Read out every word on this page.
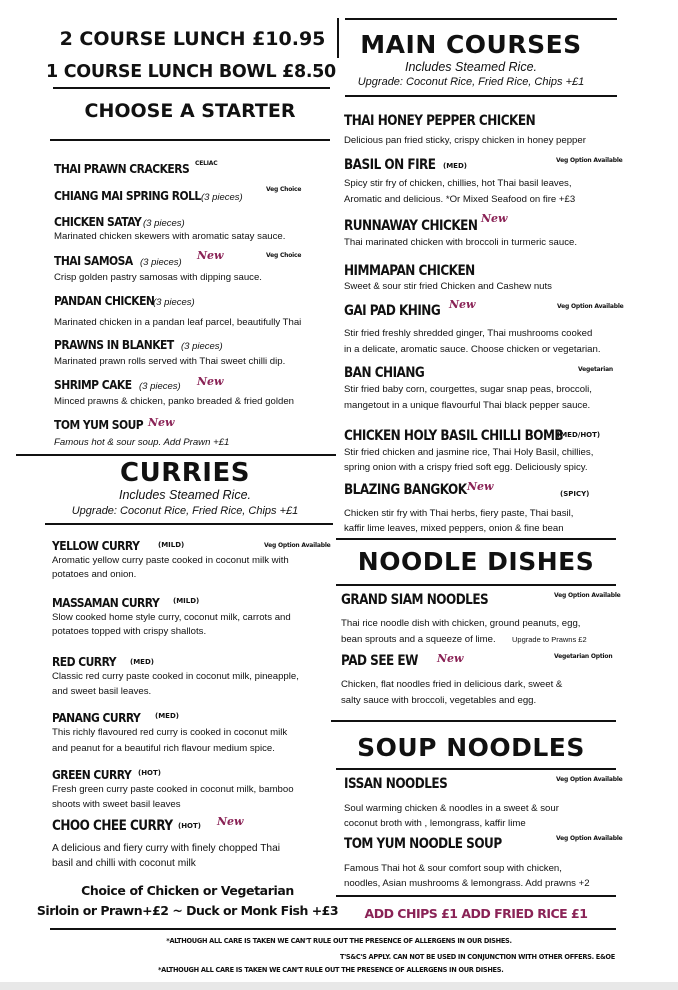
2 COURSE LUNCH £10.95
1 COURSE LUNCH BOWL £8.50
CHOOSE A STARTER
THAI PRAWN CRACKERS CELIAC
CHIANG MAI SPRING ROLL (3 pieces)
Veg Choice
CHICKEN SATAY (3 pieces)
Marinated chicken skewers with aromatic satay sauce.
THAI SAMOSA (3 pieces)
New	Veg Choice
Crisp golden pastry samosas with dipping sauce.
PANDAN CHICKEN
(3 pieces)
Marinated chicken in a pandan leaf parcel, beautifully Thai
PRAWNS IN BLANKET (3 pieces)
Marinated prawn rolls served with Thai sweet chilli dip.
SHRIMP CAKE (3 pieces) New
Minced prawns & chicken, panko breaded & fried golden
TOM YUM SOUP New
Famous hot & sour soup. Add Prawn +£1
CURRIES
Includes Steamed Rice.
Upgrade: Coconut Rice, Fried Rice, Chips +£1
YELLOW CURRY	(MILD)	Veg Option Available
Aromatic yellow curry paste cooked in coconut milk with
potatoes and onion.
MASSAMAN CURRY (MILD)
Slow cooked home style curry, coconut milk, carrots and
potatoes topped with crispy shallots.
RED CURRY (MED)
Classic red curry paste cooked in coconut milk, pineapple,
and sweet basil leaves.
PANANG CURRY (MED)
This richly flavoured red curry is cooked in coconut milk
and peanut for a beautiful rich flavour medium spice.
GREEN CURRY (HOT)
Fresh green curry paste cooked in coconut milk, bamboo
shoots with sweet basil leaves
CHOO CHEE CURRY (HOT) New
A delicious and fiery curry with finely chopped Thai
basil and chilli with coconut milk
Choice of Chicken or Vegetarian
Sirloin or Prawn+£2 ~ Duck or Monk Fish +£3
MAIN COURSES
Includes Steamed Rice.
Upgrade: Coconut Rice, Fried Rice, Chips +£1
THAI HONEY PEPPER CHICKEN
Delicious pan fried sticky, crispy chicken in honey pepper
BASIL ON FIRE (MED)
Veg Option Available
Spicy stir fry of chicken, chillies, hot Thai basil leaves,
Aromatic and delicious. *Or Mixed Seafood on fire +£3
RUNNAWAY CHICKEN New
Thai marinated chicken with broccoli in turmeric sauce.
HIMMAPAN CHICKEN
Sweet & sour stir fried Chicken and Cashew nuts
GAI PAD KHING New	Veg Option Available
Stir fried freshly shredded ginger, Thai mushrooms cooked
in a delicate, aromatic sauce. Choose chicken or vegetarian.
BAN CHIANG	Vegetarian
Stir fried baby corn, courgettes, sugar snap peas, broccoli,
mangetout in a unique flavourful Thai black pepper sauce.
CHICKEN HOLY BASIL CHILLI BOMB
(MED/HOT)
Stir fried chicken and jasmine rice, Thai Holy Basil, chillies,
spring onion with a crispy fried soft egg. Deliciously spicy.
BLAZING BANGKOK New
(SPICY)
Chicken stir fry with Thai herbs, fiery paste, Thai basil,
kaffir lime leaves, mixed peppers, onion & fine bean
NOODLE DISHES
GRAND SIAM NOODLES	Veg Option Available
Thai rice noodle dish with chicken, ground peanuts, egg,
bean sprouts and a squeeze of lime. Upgrade to Prawns £2
PAD SEE EW New	Vegetarian Option
Chicken, flat noodles fried in delicious dark, sweet &
salty sauce with broccoli, vegetables and egg.
SOUP NOODLES
ISSAN NOODLES	Veg Option Available
Soul warming chicken & noodles in a sweet & sour
coconut broth with , lemongrass, kaffir lime
TOM YUM NOODLE SOUP	Veg Option Available
Famous Thai hot & sour comfort soup with chicken,
noodles, Asian mushrooms & lemongrass. Add prawns +2
ADD CHIPS £1 ADD FRIED RICE £1
*ALTHOUGH ALL CARE IS TAKEN WE CAN'T RULE OUT THE PRESENCE OF ALLERGENS IN OUR DISHES.
T'S&C'S APPLY. CAN NOT BE USED IN CONJUNCTION WITH OTHER OFFERS. E&OE
*ALTHOUGH ALL CARE IS TAKEN WE CAN'T RULE OUT THE PRESENCE OF ALLERGENS IN OUR DISHES.
